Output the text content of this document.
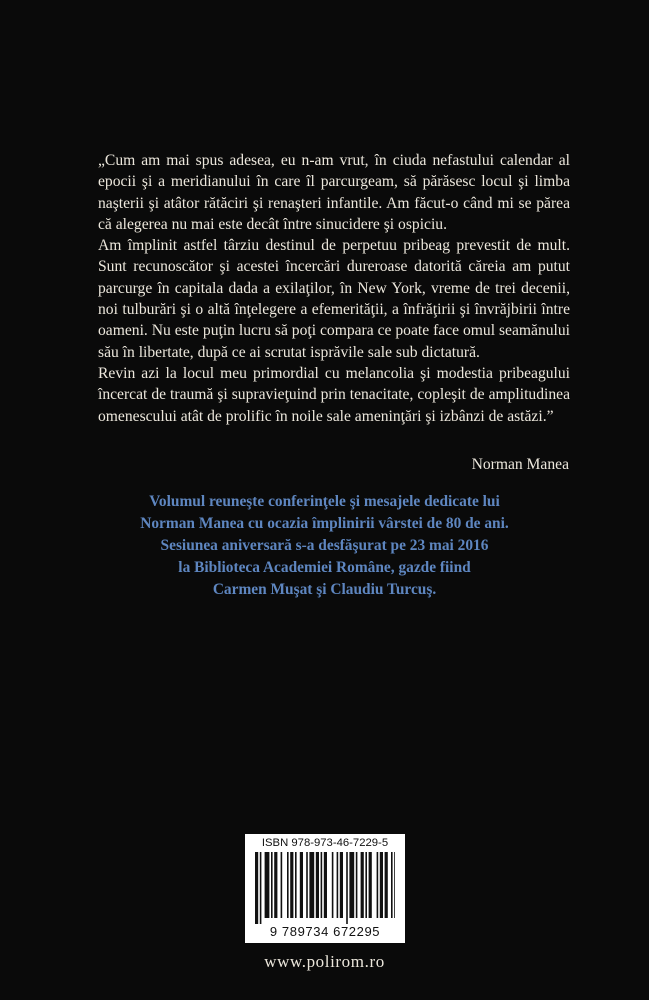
„Cum am mai spus adesea, eu n-am vrut, în ciuda nefastului calendar al epocii şi a meridianului în care îl parcurgeam, să părăsesc locul şi limba naşterii şi atâtor rătăciri şi renaşteri infantile. Am făcut-o când mi se părea că alegerea nu mai este decât între sinucidere şi ospiciu.

Am împlinit astfel târziu destinul de perpetuu pribeag prevestit de mult. Sunt recunoscător şi acestei încercări dureroase datorită căreia am putut parcurge în capitala dada a exilaţilor, în New York, vreme de trei decenii, noi tulburări şi o altă înţelegere a efemerităţii, a înfrăţirii şi învrăjbirii între oameni. Nu este puţin lucru să poţi compara ce poate face omul seamănului său în libertate, după ce ai scrutat isprăvile sale sub dictatură.

Revin azi la locul meu primordial cu melancolia şi modestia pribeagului încercat de traumă şi supravieţuind prin tenacitate, copleşit de amplitudinea omenescului atât de prolific în noile sale ameninţări şi izbânzi de astăzi.”

Norman Manea
Volumul reuneşte conferinţele şi mesajele dedicate lui
Norman Manea cu ocazia împlinirii vârstei de 80 de ani.
Sesiunea aniversară s-a desfăşurat pe 23 mai 2016
la Biblioteca Academiei Române, gazde fiind
Carmen Muşat şi Claudiu Turcuş.
ISBN 978-973-46-7229-5
9 789734 672295
www.polirom.ro
